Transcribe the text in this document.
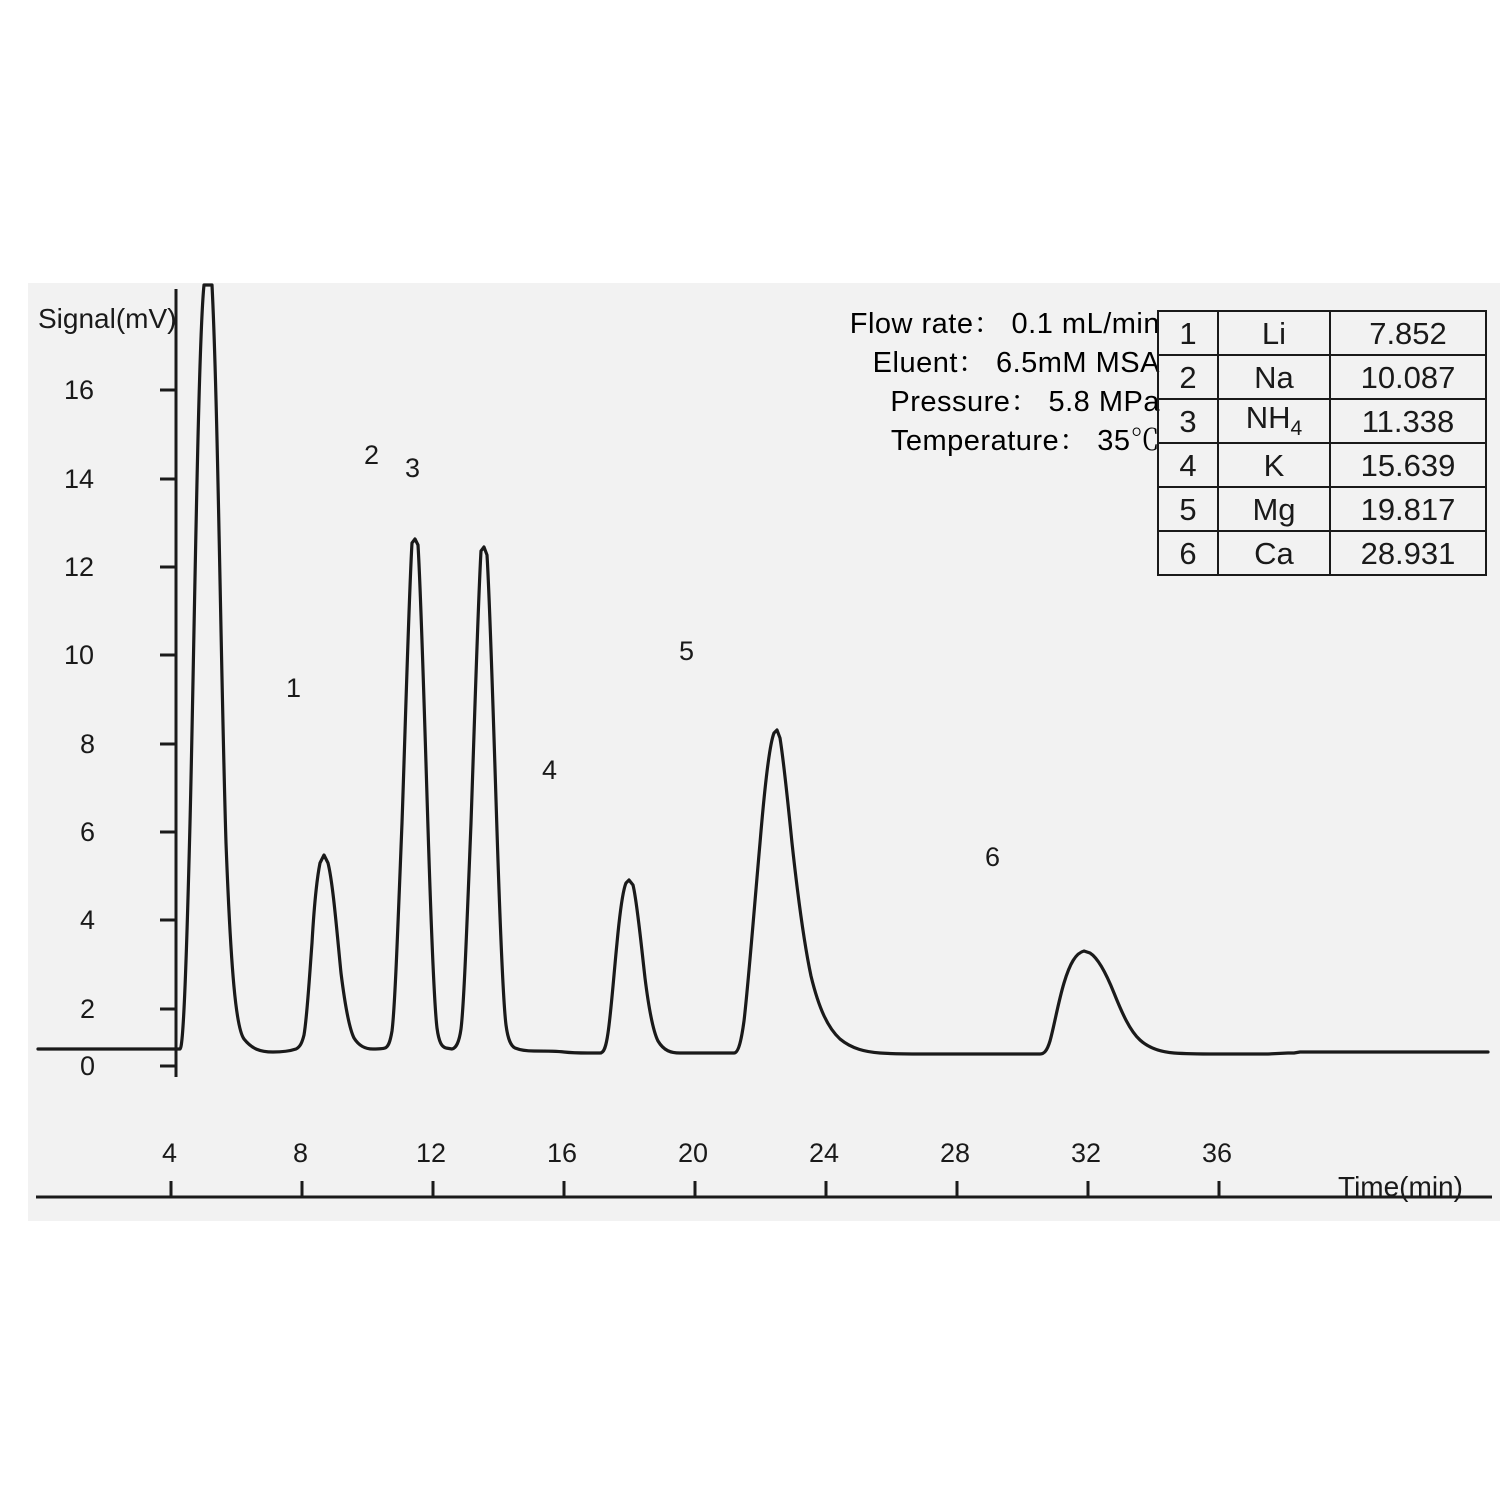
Signal(mV)
16
14
12
10
8
6
4
2
0
4	8	12	16	20	24	28	32	36
Time(min)
1
2 3
4
5
6
Flow rate： 0.1 mL/min
Eluent： 6.5mM MSA
Pressure： 5.8 MPa
Temperature： 35℃
1	Li	7.852
2	Na	10.087
3	$NH_4$	11.338
4	K	15.639
5	Mg	19.817
6	Ca	28.931
